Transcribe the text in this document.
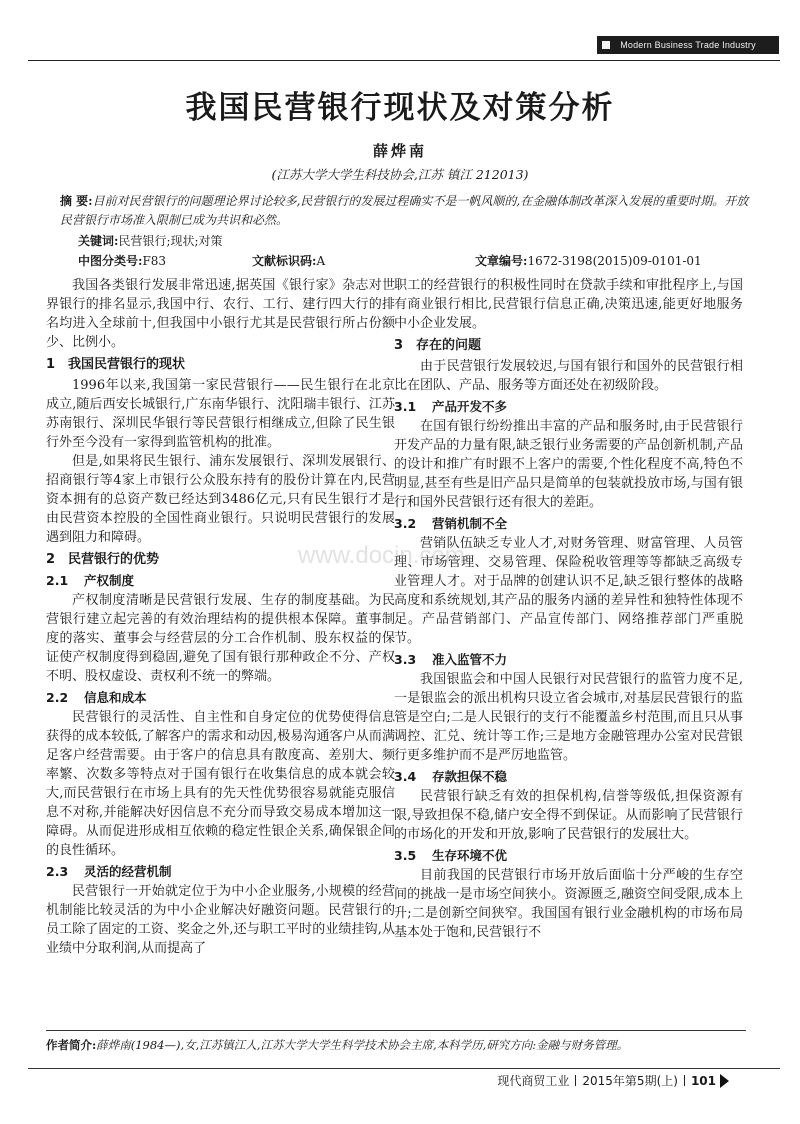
Modern Business Trade Industry
我国民营银行现状及对策分析
薛烨南
(江苏大学大学生科技协会,江苏 镇江 212013)
摘 要:目前对民营银行的问题理论界讨论较多,民营银行的发展过程确实不是一帆风顺的,在金融体制改革深入发展的重要时期。开放民营银行市场准入限制已成为共识和必然。
关键词:民营银行;现状;对策
中图分类号:F83	文献标识码:A	文章编号:1672-3198(2015)09-0101-01

我国各类银行发展非常迅速,据英国《银行家》杂志对世界银行的排名显示,我国中行、农行、工行、建行四大行的排名均进入全球前十,但我国中小银行尤其是民营银行所占份额少、比例小。

1 我国民营银行的现状

1996年以来,我国第一家民营银行——民生银行在北京成立,随后西安长城银行,广东南华银行、沈阳瑞丰银行、江苏苏南银行、深圳民华银行等民营银行相继成立,但除了民生银行外至今没有一家得到监管机构的批准。

但是,如果将民生银行、浦东发展银行、深圳发展银行、招商银行等4家上市银行公众股东持有的股份计算在内,民营资本拥有的总资产数已经达到3486亿元,只有民生银行才是由民营资本控股的全国性商业银行。只说明民营银行的发展遇到阻力和障碍。

2 民营银行的优势
2.1 产权制度

产权制度清晰是民营银行发展、生存的制度基础。为民营银行建立起完善的有效治理结构的提供根本保障。董事制度的落实、董事会与经营层的分工合作机制、股东权益的保证使产权制度得到稳固,避免了国有银行那种政企不分、产权不明、股权虚设、责权利不统一的弊端。

2.2 信息和成本

民营银行的灵活性、自主性和自身定位的优势使得信息获得的成本较低,了解客户的需求和动因,极易沟通客户从而满足客户经营需要。由于客户的信息具有散度高、差别大、频率繁、次数多等特点对于国有银行在收集信息的成本就会较大,而民营银行在市场上具有的先天性优势很容易就能克服信息不对称,并能解决好因信息不充分而导致交易成本增加这一障碍。从而促进形成相互依赖的稳定性银企关系,确保银企间的良性循环。

2.3 灵活的经营机制

民营银行一开始就定位于为中小企业服务,小规模的经营机制能比较灵活的为中小企业解决好融资问题。民营银行的员工除了固定的工资、奖金之外,还与职工平时的业绩挂钩,从业绩中分取利润,从而提高了

职工的经营银行的积极性同时在贷款手续和审批程序上,与国有商业银行相比,民营银行信息正确,决策迅速,能更好地服务中小企业发展。

3 存在的问题

由于民营银行发展较迟,与国有银行和国外的民营银行相比在团队、产品、服务等方面还处在初级阶段。

3.1 产品开发不多

在国有银行纷纷推出丰富的产品和服务时,由于民营银行开发产品的力量有限,缺乏银行业务需要的产品创新机制,产品的设计和推广有时跟不上客户的需要,个性化程度不高,特色不明显,甚至有些是旧产品只是简单的包装就投放市场,与国有银行和国外民营银行还有很大的差距。

3.2 营销机制不全

营销队伍缺乏专业人才,对财务管理、财富管理、人员管理、市场管理、交易管理、保险税收管理等等都缺乏高级专业管理人才。对于品牌的创建认识不足,缺乏银行整体的战略高度和系统规划,其产品的服务内涵的差异性和独特性体现不足。产品营销部门、产品宣传部门、网络推荐部门严重脱节。

3.3 准入监管不力

我国银监会和中国人民银行对民营银行的监管力度不足,一是银监会的派出机构只设立省会城市,对基层民营银行的监管是空白;二是人民银行的支行不能覆盖乡村范围,而且只从事调控、汇兑、统计等工作;三是地方金融管理办公室对民营银行更多维护而不是严厉地监管。

3.4 存款担保不稳

民营银行缺乏有效的担保机构,信誉等级低,担保资源有限,导致担保不稳,储户安全得不到保证。从而影响了民营银行的市场化的开发和开放,影响了民营银行的发展壮大。

3.5 生存环境不优

目前我国的民营银行市场开放后面临十分严峻的生存空间的挑战一是市场空间狭小。资源匮乏,融资空间受限,成本上升;二是创新空间狭窄。我国国有银行业金融机构的市场布局基本处于饱和,民营银行不

www.docin.com
作者简介:薛烨南(1984—),女,江苏镇江人,江苏大学大学生科学技术协会主席,本科学历,研究方向:金融与财务管理。
现代商贸工业 2015年第5期(上) 101
